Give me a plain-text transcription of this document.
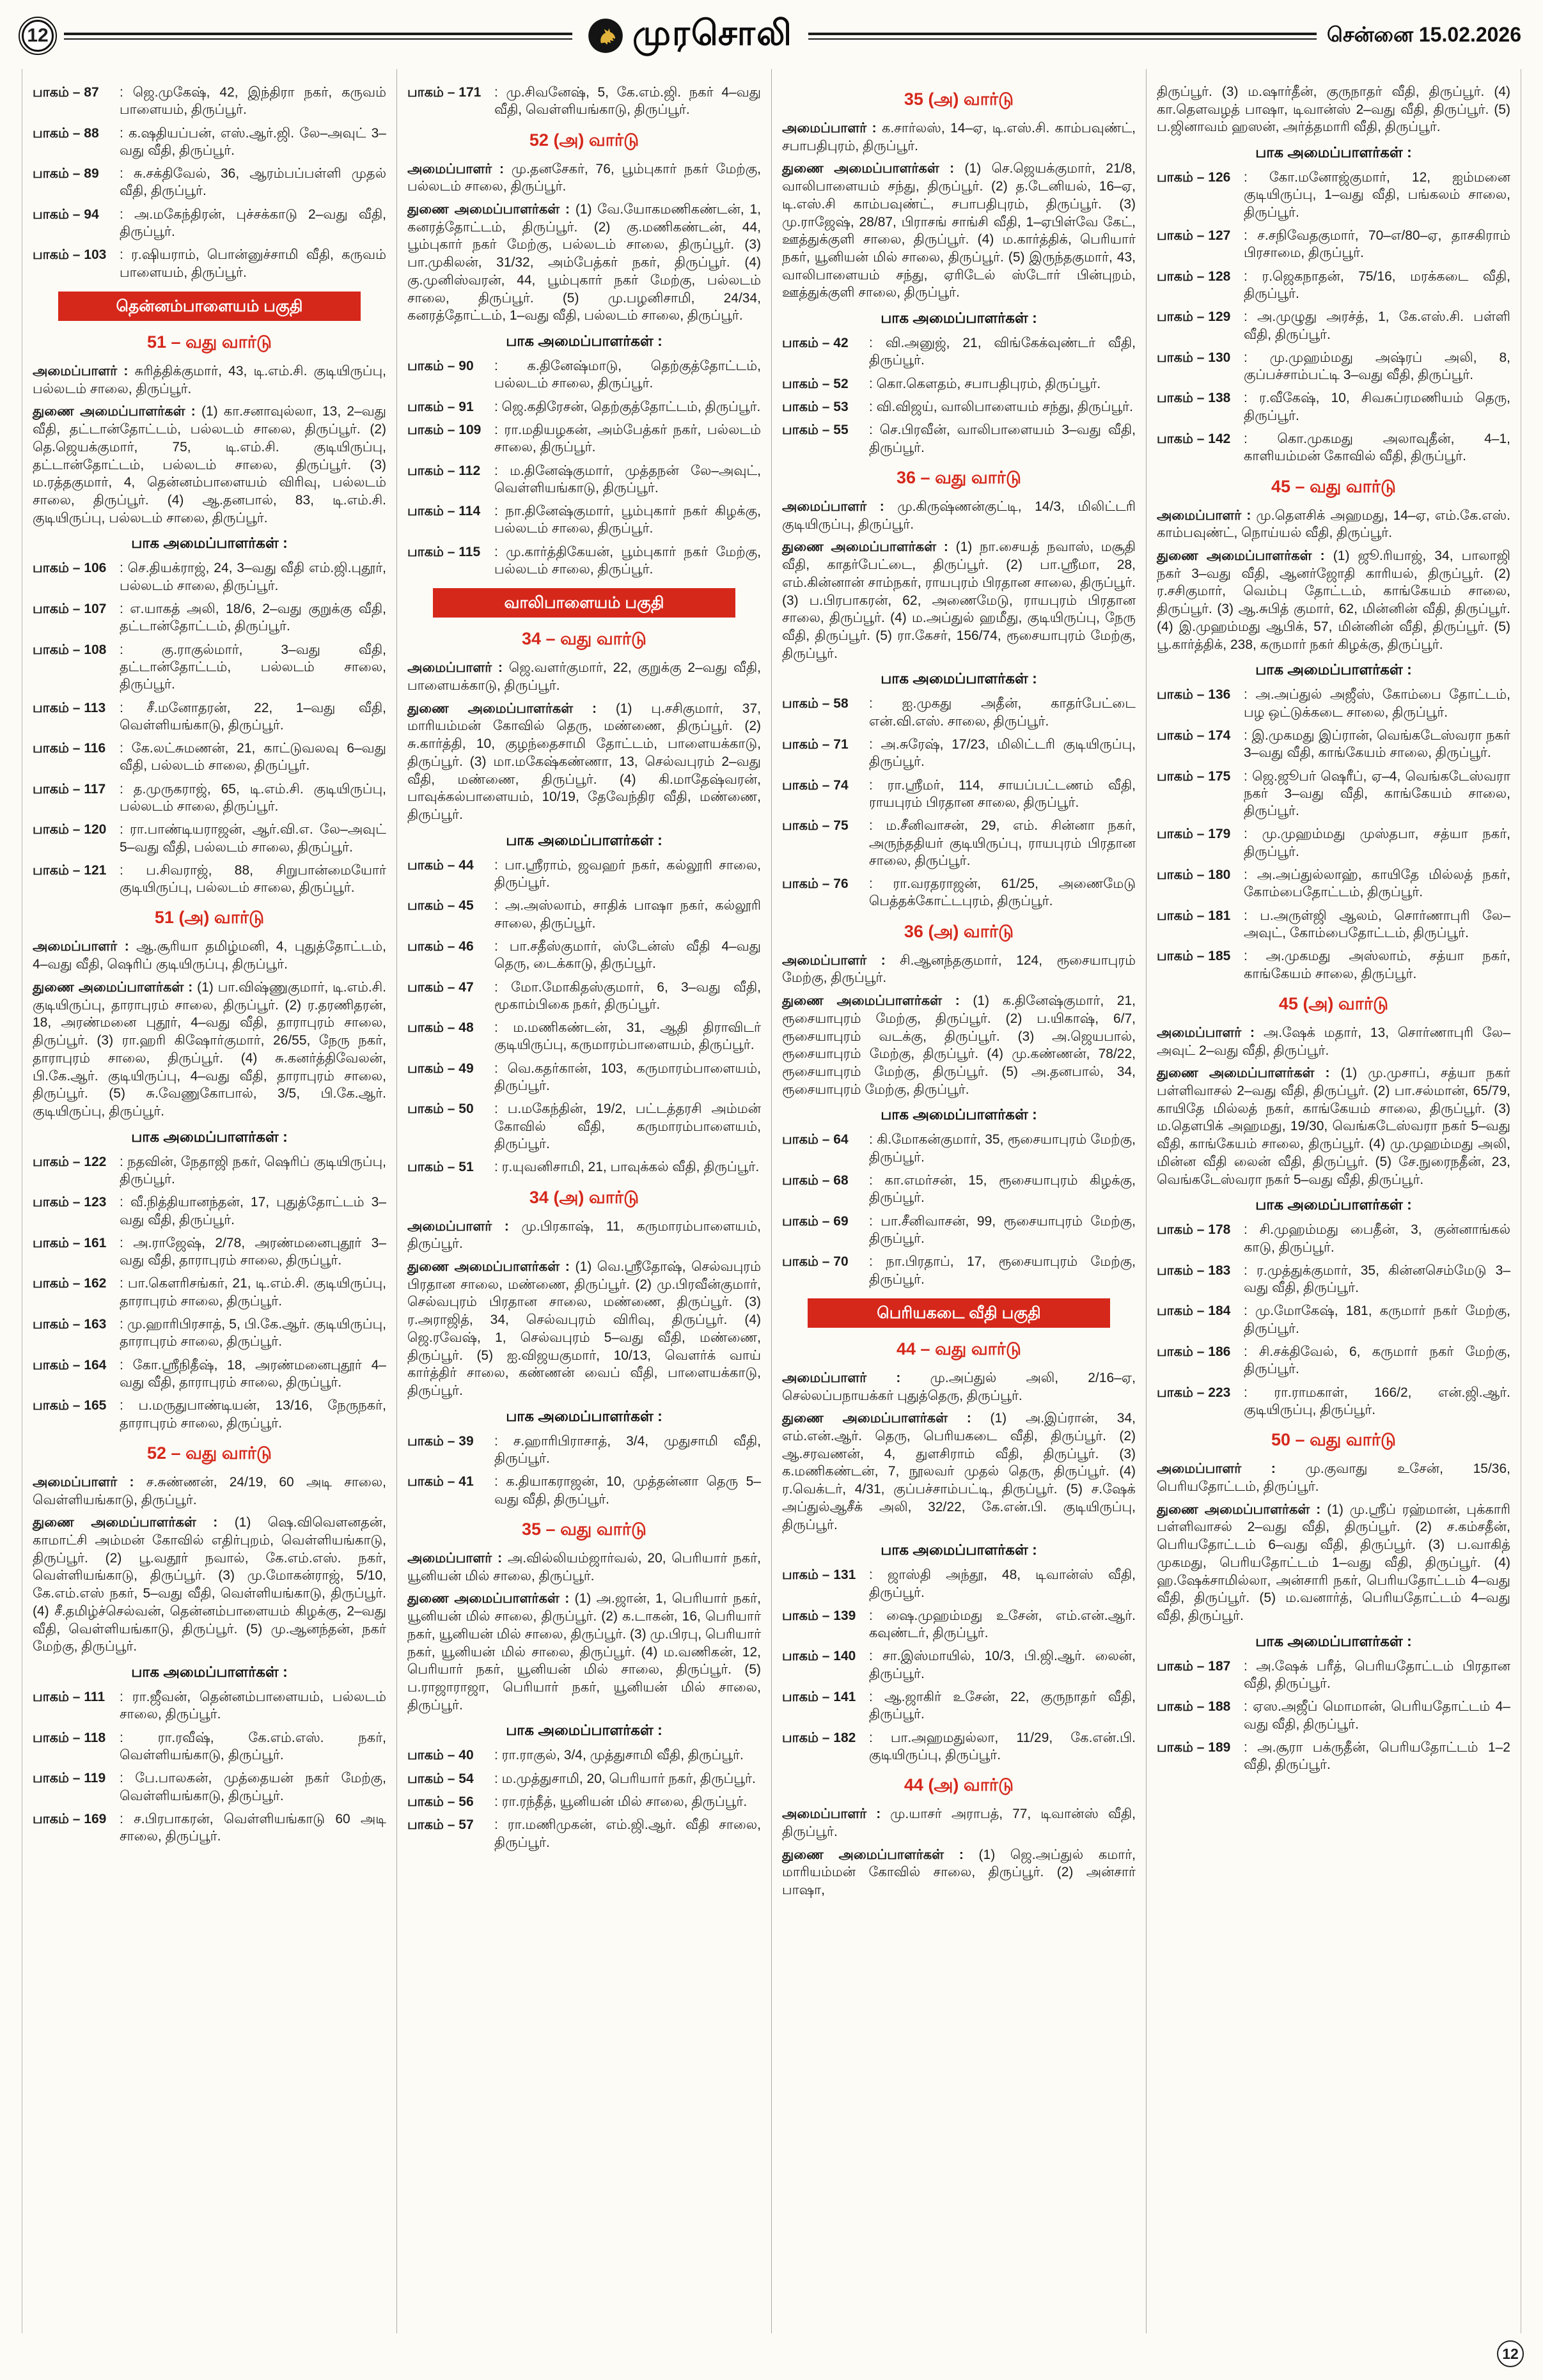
12	முரசொலி	சென்னை 15.02.2026
பாகம் – 87	: ஜெ.முகேஷ், 42, இந்திரா நகர், கருவம் பாளையம், திருப்பூர்.
பாகம் – 88	: க.ஷதியப்பன், எஸ்.ஆர்.ஜி. லே–அவுட் 3–வது வீதி, திருப்பூர்.
பாகம் – 89	: சு.சக்திவேல், 36, ஆரம்பப்பள்ளி முதல் வீதி, திருப்பூர்.
பாகம் – 94	: அ.மகேந்திரன், புச்சக்காடு 2–வது வீதி, திருப்பூர்.
பாகம் – 103 : ர.ஷியராம், பொன்னுச்சாமி வீதி, கருவம் பாளையம், திருப்பூர்.
தென்னம்பாளையம் பகுதி
51 – வது வார்டு

அமைப்பாளர் : சுரித்திக்குமார், 43, டி.எம்.சி. குடியிருப்பு, பல்லடம் சாலை, திருப்பூர்.

துணை அமைப்பாளர்கள் : (1) கா.சனாவுல்லா, 13, 2–வது வீதி, தட்டான்தோட்டம், பல்லடம் சாலை, திருப்பூர். (2) தெ.ஜெயக்குமார், 75, டி.எம்.சி. குடியிருப்பு, தட்டான்தோட்டம், பல்லடம் சாலை, திருப்பூர். (3) ம.ரத்தகுமார், 4, தென்னம்பாளையம் விரிவு, பல்லடம் சாலை, திருப்பூர். (4) ஆ.தனபால், 83, டி.எம்.சி. குடியிருப்பு, பல்லடம் சாலை, திருப்பூர்.

பாக அமைப்பாளர்கள் :
பாகம் – 106 : செ.தியக்ராஜ், 24, 3–வது வீதி எம்.ஜி.புதூர், பல்லடம் சாலை, திருப்பூர்.
பாகம் – 107 : எ.யாகத் அலி, 18/6, 2–வது குறுக்கு வீதி, தட்டான்தோட்டம், திருப்பூர்.
பாகம் – 108 : கு.ராகுல்மார், 3–வது வீதி, தட்டான்தோட்டம், பல்லடம் சாலை, திருப்பூர்.
பாகம் – 113	: சீ.மனோதரன், 22, 1–வது வீதி, வெள்ளியங்காடு, திருப்பூர்.
பாகம் – 116	: கே.லட்சுமணன், 21, காட்டுவலவு 6–வது வீதி, பல்லடம் சாலை, திருப்பூர்.
பாகம் – 117	: த.முருகராஜ், 65, டி.எம்.சி. குடியிருப்பு, பல்லடம் சாலை, திருப்பூர்.
பாகம் – 120 : ரா.பாண்டியராஜன், ஆர்.வி.எ. லே–அவுட் 5–வது வீதி, பல்லடம் சாலை, திருப்பூர்.
பாகம் – 121 : ப.சிவராஜ், 88, சிறுபான்மையோர் குடியிருப்பு, பல்லடம் சாலை, திருப்பூர்.
51 (அ) வார்டு

அமைப்பாளர் : ஆ.சூரியா தமிழ்மனி, 4, புதுத்தோட்டம், 4–வது வீதி, ஷெரிப் குடியிருப்பு, திருப்பூர்.

துணை அமைப்பாளர்கள் : (1) பா.விஷ்ணுகுமார், டி.எம்.சி. குடியிருப்பு, தாராபுரம் சாலை, திருப்பூர். (2) ர.தரணிதரன், 18, அரண்மனை புதூர், 4–வது வீதி, தாராபுரம் சாலை, திருப்பூர். (3) ரா.ஹரி கிஷோர்குமார், 26/55, நேரு நகர், தாராபுரம் சாலை, திருப்பூர். (4) சு.கனர்த்திவேலன், பி.கே.ஆர். குடியிருப்பு, 4–வது வீதி, தாராபுரம் சாலை, திருப்பூர். (5) சு.வேணுகோபால், 3/5, பி.கே.ஆர். குடியிருப்பு, திருப்பூர்.

பாக அமைப்பாளர்கள் :
பாகம் – 122 : நதவின், நேதாஜி நகர், ஷெரிப் குடியிருப்பு, திருப்பூர்.
பாகம் – 123 : வீ.நித்தியானந்தன், 17, புதுத்தோட்டம் 3–வது வீதி, திருப்பூர்.
பாகம் – 161 : அ.ராஜேஷ், 2/78, அரண்மனைபுதூர் 3–வது வீதி, தாராபுரம் சாலை, திருப்பூர்.
பாகம் – 162 : பா.கௌரிசங்கர், 21, டி.எம்.சி. குடியிருப்பு, தாராபுரம் சாலை, திருப்பூர்.
பாகம் – 163 : மு.ஹாரிபிரசாத், 5, பி.கே.ஆர். குடியிருப்பு, தாராபுரம் சாலை, திருப்பூர்.
பாகம் – 164 : கோ.ஸ்ரீநிதீஷ், 18, அரண்மனைபுதூர் 4–வது வீதி, தாராபுரம் சாலை, திருப்பூர்.
பாகம் – 165 : ப.மருதுபாண்டியன், 13/16, நேருநகர், தாராபுரம் சாலை, திருப்பூர்.
52 – வது வார்டு

அமைப்பாளர் : ச.சுண்ணன், 24/19, 60 அடி சாலை, வெள்ளியங்காடு, திருப்பூர்.

துணை அமைப்பாளர்கள் : (1) ஷெ.விவௌனதன், காமாட்சி அம்மன் கோவில் எதிர்புறம், வெள்ளியங்காடு, திருப்பூர். (2) பூ.வதூர் நவால், கே.எம்.எஸ். நகர், வெள்ளியங்காடு, திருப்பூர். (3) மு.மோகன்ராஜ், 5/10, கே.எம்.எஸ் நகர், 5–வது வீதி, வெள்ளியங்காடு, திருப்பூர். (4) சீ.தமிழ்ச்செல்வன், தென்னம்பாளையம் கிழக்கு, 2–வது வீதி, வெள்ளியங்காடு, திருப்பூர். (5) மு.ஆனந்தன், நகர் மேற்கு, திருப்பூர்.

பாக அமைப்பாளர்கள் :
பாகம் – 111	: ரா.ஜீவன், தென்னம்பாளையம், பல்லடம் சாலை, திருப்பூர்.
பாகம் – 118	: ரா.ரவீஷ், கே.எம்.எஸ். நகர், வெள்ளியங்காடு, திருப்பூர்.
பாகம் – 119	: பே.பாலகன், முத்தையன் நகர் மேற்கு, வெள்ளியங்காடு, திருப்பூர்.
பாகம் – 169 : ச.பிரபாகரன், வெள்ளியங்காடு 60 அடி சாலை, திருப்பூர்.
பாகம் – 171 : மு.சிவனேஷ், 5, கே.எம்.ஜி. நகர் 4–வது வீதி, வெள்ளியங்காடு, திருப்பூர்.
52 (அ) வார்டு

அமைப்பாளர் : மு.தனசேகர், 76, பூம்புகார் நகர் மேற்கு, பல்லடம் சாலை, திருப்பூர்.

துணை அமைப்பாளர்கள் : (1) வே.யோகமணிகண்டன், 1, கனரத்தோட்டம், திருப்பூர். (2) கு.மணிகண்டன், 44, பூம்புகார் நகர் மேற்கு, பல்லடம் சாலை, திருப்பூர். (3) பா.முகிலன், 31/32, அம்பேத்கர் நகர், திருப்பூர். (4) கு.முனிஸ்வரன், 44, பூம்புகார் நகர் மேற்கு, பல்லடம் சாலை, திருப்பூர். (5) மு.பழனிசாமி, 24/34, கனரத்தோட்டம், 1–வது வீதி, பல்லடம் சாலை, திருப்பூர்.

பாக அமைப்பாளர்கள் :
பாகம் – 90	: க.தினேஷ்மாடு, தெற்குத்தோட்டம், பல்லடம் சாலை, திருப்பூர்.
பாகம் – 91	: ஜெ.கதிரேசன், தெற்குத்தோட்டம், திருப்பூர்.
பாகம் – 109 : ரா.மதியழகன், அம்பேத்கர் நகர், பல்லடம் சாலை, திருப்பூர்.
பாகம் – 112	: ம.தினேஷ்குமார், முத்தநன் லே–அவுட், வெள்ளியங்காடு, திருப்பூர்.
பாகம் – 114	: நா.தினேஷ்குமார், பூம்புகார் நகர் கிழக்கு, பல்லடம் சாலை, திருப்பூர்.
பாகம் – 115	: மு.கார்த்திகேயன், பூம்புகார் நகர் மேற்கு, பல்லடம் சாலை, திருப்பூர்.
வாலிபாளையம் பகுதி
34 – வது வார்டு

அமைப்பாளர் : ஜெ.வளர்குமார், 22, குறுக்கு 2–வது வீதி, பாளையக்காடு, திருப்பூர்.

துணை அமைப்பாளர்கள் : (1) பு.சசிகுமார், 37, மாரியம்மன் கோவில் தெரு, மண்ணை, திருப்பூர். (2) சு.கார்த்தி, 10, குழந்தைசாமி தோட்டம், பாளையக்காடு, திருப்பூர். (3) மா.மகேஷ்கண்ணா, 13, செல்வபுரம் 2–வது வீதி, மண்ணை, திருப்பூர். (4) கி.மாதேஷ்வரன், பாவுக்கல்பாளையம், 10/19, தேவேந்திர வீதி, மண்ணை, திருப்பூர்.

பாக அமைப்பாளர்கள் :
பாகம் – 44	: பா.ஸ்ரீராம், ஜவஹர் நகர், கல்லூரி சாலை, திருப்பூர்.
பாகம் – 45	: அ.அஸ்லாம், சாதிக் பாஷா நகர், கல்லூரி சாலை, திருப்பூர்.
பாகம் – 46	: பா.சதீஸ்குமார், ஸ்டேன்ஸ் வீதி 4–வது தெரு, டைக்காடு, திருப்பூர்.
பாகம் – 47	: மோ.மோகிதஸ்குமார், 6, 3–வது வீதி, மூகாம்பிகை நகர், திருப்பூர்.
பாகம் – 48	: ம.மணிகண்டன், 31, ஆதி திராவிடர் குடியிருப்பு, கருமாரம்பாளையம், திருப்பூர்.
பாகம் – 49	: வெ.கதர்கான், 103, கருமாரம்பாளையம், திருப்பூர்.
பாகம் – 50	: ப.மகேந்தின், 19/2, பட்டத்தரசி அம்மன் கோவில் வீதி, கருமாரம்பாளையம், திருப்பூர்.
பாகம் – 51	: ர.யுவனிசாமி, 21, பாவுக்கல் வீதி, திருப்பூர்.
34 (அ) வார்டு

அமைப்பாளர் : மு.பிரகாஷ், 11, கருமாரம்பாளையம், திருப்பூர்.

துணை அமைப்பாளர்கள் : (1) வெ.ஸ்ரீதோஷ், செல்வபுரம் பிரதான சாலை, மண்ணை, திருப்பூர். (2) மு.பிரவீன்குமார், செல்வபுரம் பிரதான சாலை, மண்ணை, திருப்பூர். (3) ர.அராஜித், 34, செல்வபுரம் விரிவு, திருப்பூர். (4) ஜெ.ரவேஷ், 1, செல்வபுரம் 5–வது வீதி, மண்ணை, திருப்பூர். (5) ஐ.விஜயகுமார், 10/13, வௌர்க் வாய் கார்த்திர் சாலை, கண்ணன் வைப் வீதி, பாளையக்காடு, திருப்பூர்.

பாக அமைப்பாளர்கள் :
பாகம் – 39	: ச.ஹாரிபிராசாத், 3/4, முதுசாமி வீதி, திருப்பூர்.
பாகம் – 41	: க.தியாகராஜன், 10, முத்தன்னா தெரு 5–வது வீதி, திருப்பூர்.
35 – வது வார்டு

அமைப்பாளர் : அ.வில்லியம்ஜார்வல், 20, பெரியார் நகர், யூனியன் மில் சாலை, திருப்பூர்.

துணை அமைப்பாளர்கள் : (1) அ.ஜான், 1, பெரியார் நகர், யூனியன் மில் சாலை, திருப்பூர். (2) க.டாகன், 16, பெரியார் நகர், யூனியன் மில் சாலை, திருப்பூர். (3) மு.பிரபு, பெரியார் நகர், யூனியன் மில் சாலை, திருப்பூர். (4) ம.வணிகன், 12, பெரியார் நகர், யூனியன் மில் சாலை, திருப்பூர். (5) ப.ராஜாராஜா, பெரியார் நகர், யூனியன் மில் சாலை, திருப்பூர்.

பாக அமைப்பாளர்கள் :
பாகம் – 40	: ரா.ராகுல், 3/4, முத்துசாமி வீதி, திருப்பூர்.
பாகம் – 54	: ம.முத்துசாமி, 20, பெரியார் நகர், திருப்பூர்.
பாகம் – 56	: ரா.ரந்தீத், யூனியன் மில் சாலை, திருப்பூர்.
பாகம் – 57	: ரா.மணிமுகன், எம்.ஜி.ஆர். வீதி சாலை, திருப்பூர்.
35 (அ) வார்டு

அமைப்பாளர் : க.சார்லஸ், 14–ஏ, டி.எஸ்.சி. காம்பவுண்ட், சபாபதிபுரம், திருப்பூர்.

துணை அமைப்பாளர்கள் : (1) செ.ஜெயக்குமார், 21/8, வாலிபாளையம் சந்து, திருப்பூர். (2) த.டேனியல், 16–ஏ, டி.எஸ்.சி காம்பவுண்ட், சபாபதிபுரம், திருப்பூர். (3) மு.ராஜேஷ், 28/87, பிராசங் சாங்சி வீதி, 1–ஏபிள்வே கேட், ஊத்துக்குளி சாலை, திருப்பூர். (4) ம.கார்த்திக், பெரியார் நகர், யூனியன் மில் சாலை, திருப்பூர். (5) இருந்தகுமார், 43, வாலிபாளையம் சந்து, ஏரிடேல் ஸ்டோர் பின்புறம், ஊத்துக்குளி சாலை, திருப்பூர்.

பாக அமைப்பாளர்கள் :
பாகம் – 42	: வி.அனுஜ், 21, விங்கேக்வுண்டர் வீதி, திருப்பூர்.
பாகம் – 52	: கொ.கௌதம், சபாபதிபுரம், திருப்பூர்.
பாகம் – 53	: வி.விஜய், வாலிபாளையம் சந்து, திருப்பூர்.
பாகம் – 55	: செ.பிரவீன், வாலிபாளையம் 3–வது வீதி, திருப்பூர்.
36 – வது வார்டு

அமைப்பாளர் : மு.கிருஷ்ணன்குட்டி, 14/3, மிலிட்டரி குடியிருப்பு, திருப்பூர்.

துணை அமைப்பாளர்கள் : (1) நா.சையத் நவாஸ், மசூதி வீதி, காதர்பேட்டை, திருப்பூர். (2) பா.ஸ்ரீமா, 28, எம்.கின்னான் சாம்நகர், ராயபுரம் பிரதான சாலை, திருப்பூர். (3) ப.பிரபாகரன், 62, அணைமேடு, ராயபுரம் பிரதான சாலை, திருப்பூர். (4) ம.அப்துல் ஹமீது, குடியிருப்பு, நேரு வீதி, திருப்பூர். (5) ரா.கேசர், 156/74, ரூசையாபுரம் மேற்கு, திருப்பூர்.

பாக அமைப்பாளர்கள் :
பாகம் – 58	: ஐ.முகது அதீன், காதர்பேட்டை என்.வி.எஸ். சாலை, திருப்பூர்.
பாகம் – 71	: அ.சுரேஷ், 17/23, மிலிட்டரி குடியிருப்பு, திருப்பூர்.
பாகம் – 74	: ரா.ஸ்ரீமர், 114, சாயப்பட்டணம் வீதி, ராயபுரம் பிரதான சாலை, திருப்பூர்.
பாகம் – 75	: ம.சீனிவாசன், 29, எம். சின்னா நகர், அருந்ததியர் குடியிருப்பு, ராயபுரம் பிரதான சாலை, திருப்பூர்.
பாகம் – 76	: ரா.வரதராஜன், 61/25, அணைமேடு பெத்தக்கோட்டபுரம், திருப்பூர்.
36 (அ) வார்டு

அமைப்பாளர் : சி.ஆனந்தகுமார், 124, ரூசையாபுரம் மேற்கு, திருப்பூர்.

துணை அமைப்பாளர்கள் : (1) க.தினேஷ்குமார், 21, ரூசையாபுரம் மேற்கு, திருப்பூர். (2) ப.யிகாஷ், 6/7, ரூசையாபுரம் வடக்கு, திருப்பூர். (3) அ.ஜெயபால், ரூசையாபுரம் மேற்கு, திருப்பூர். (4) மு.கண்ணன், 78/22, ரூசையாபுரம் மேற்கு, திருப்பூர். (5) அ.தனபால், 34, ரூசையாபுரம் மேற்கு, திருப்பூர்.

பாக அமைப்பாளர்கள் :
பாகம் – 64	: கி.மோகன்குமார், 35, ரூசையாபுரம் மேற்கு, திருப்பூர்.
பாகம் – 68	: கா.எமர்சன், 15, ரூசையாபுரம் கிழக்கு, திருப்பூர்.
பாகம் – 69	: பா.சீனிவாசன், 99, ரூசையாபுரம் மேற்கு, திருப்பூர்.
பாகம் – 70	: நா.பிரதாப், 17, ரூசையாபுரம் மேற்கு, திருப்பூர்.
பெரியகடை வீதி பகுதி
44 – வது வார்டு

அமைப்பாளர் : மு.அப்துல் அலி, 2/16–ஏ, செல்லப்பநாயக்கர் புதுத்தெரு, திருப்பூர்.

துணை அமைப்பாளர்கள் : (1) அ.இப்ரான், 34, எம்.என்.ஆர். தெரு, பெரியகடை வீதி, திருப்பூர். (2) ஆ.சரவணன், 4, துளசிராம் வீதி, திருப்பூர். (3) க.மணிகண்டன், 7, நூலவர் முதல் தெரு, திருப்பூர். (4) ர.வெக்டர், 4/31, குப்பச்சாம்பட்டி, திருப்பூர். (5) ச.ஷேக் அப்துல்ஆசீக் அலி, 32/22, கே.என்.பி. குடியிருப்பு, திருப்பூர்.

பாக அமைப்பாளர்கள் :
பாகம் – 131 : ஜாஸ்தி அந்தூ, 48, டிவான்ஸ் வீதி, திருப்பூர்.
பாகம் – 139 : ஷை.முஹம்மது உசேன், எம்.என்.ஆர். கவுண்டர், திருப்பூர்.
பாகம் – 140 : சா.இஸ்மாயில், 10/3, பி.ஜி.ஆர். லைன், திருப்பூர்.
பாகம் – 141 : ஆ.ஜாகிர் உசேன், 22, குருநாதர் வீதி, திருப்பூர்.
பாகம் – 182 : பா.அஹமதுல்லா, 11/29, கே.என்.பி. குடியிருப்பு, திருப்பூர்.
44 (அ) வார்டு

அமைப்பாளர் : மு.யாசர் அராபத், 77, டிவான்ஸ் வீதி, திருப்பூர்.

துணை அமைப்பாளர்கள் : (1) ஜெ.அப்துல் கமார், மாரியம்மன் கோவில் சாலை, திருப்பூர். (2) அன்சார் பாஷா,

திருப்பூர். (3) ம.ஷார்தீன், குருநாதர் வீதி, திருப்பூர். (4) கா.தௌவழத் பாஷா, டிவான்ஸ் 2–வது வீதி, திருப்பூர். (5) ப.ஜினாவம் ஹஸன், அர்த்தமாரி வீதி, திருப்பூர்.

பாக அமைப்பாளர்கள் :
பாகம் – 126 : கோ.மனோஜ்குமார், 12, ஐம்மனை குடியிருப்பு, 1–வது வீதி, பங்கலம் சாலை, திருப்பூர்.
பாகம் – 127 : ச.சநிவேதகுமார், 70–எ/80–ஏ, தாசகிராம் பிரசாமை, திருப்பூர்.
பாகம் – 128 : ர.ஜெகநாதன், 75/16, மரக்கடை வீதி, திருப்பூர்.
பாகம் – 129 : அ.முழுது அரச்த், 1, கே.எஸ்.சி. பள்ளி வீதி, திருப்பூர்.
பாகம் – 130 : மு.முஹம்மது அஷ்ரப் அலி, 8, குப்பச்சாம்பட்டி 3–வது வீதி, திருப்பூர்.
பாகம் – 138 : ர.வீகேஷ், 10, சிவசுப்ரமணியம் தெரு, திருப்பூர்.
பாகம் – 142 : கொ.முகமது அலாவுதீன், 4–1, காளியம்மன் கோவில் வீதி, திருப்பூர்.
45 – வது வார்டு

அமைப்பாளர் : மு.தௌசிக் அஹமது, 14–ஏ, எம்.கே.எஸ். காம்பவுண்ட், நொய்யல் வீதி, திருப்பூர்.

துணை அமைப்பாளர்கள் : (1) ஜூ.ரியாஜ், 34, பாலாஜி நகர் 3–வது வீதி, ஆனர்ஜோதி காரியல், திருப்பூர். (2) ர.சசிகுமார், வெம்பு தோட்டம், காங்கேயம் சாலை, திருப்பூர். (3) ஆ.சுபித் குமார், 62, மின்னின் வீதி, திருப்பூர். (4) இ.முஹம்மது ஆபிக், 57, மின்னின் வீதி, திருப்பூர். (5) பூ.கார்த்திக், 238, கருமார் நகர் கிழக்கு, திருப்பூர்.

பாக அமைப்பாளர்கள் :
பாகம் – 136 : அ.அப்துல் அஜீஸ், கோம்பை தோட்டம், பழ ஒட்டுக்கடை சாலை, திருப்பூர்.
பாகம் – 174 : இ.முகமது இப்ரான், வெங்கடேஸ்வரா நகர் 3–வது வீதி, காங்கேயம் சாலை, திருப்பூர்.
பாகம் – 175 : ஜெ.ஜூபர் ஷெரீப், ஏ–4, வெங்கடேஸ்வரா நகர் 3–வது வீதி, காங்கேயம் சாலை, திருப்பூர்.
பாகம் – 179 : மு.முஹம்மது முஸ்தபா, சத்யா நகர், திருப்பூர்.
பாகம் – 180 : அ.அப்துல்லாஹ், காயிதே மில்லத் நகர், கோம்பைதோட்டம், திருப்பூர்.
பாகம் – 181 : ப.அருள்ஜி ஆலம், சொர்ணாபுரி லே–அவுட், கோம்பைதோட்டம், திருப்பூர்.
பாகம் – 185 : அ.முகமது அஸ்லாம், சத்யா நகர், காங்கேயம் சாலை, திருப்பூர்.
45 (அ) வார்டு

அமைப்பாளர் : அ.ஷேக் மதார், 13, சொர்ணாபுரி லே–அவுட் 2–வது வீதி, திருப்பூர்.

துணை அமைப்பாளர்கள் : (1) மு.முசாப், சத்யா நகர் பள்ளிவாசல் 2–வது வீதி, திருப்பூர். (2) பா.சல்மான், 65/79, காயிதே மில்லத் நகர், காங்கேயம் சாலை, திருப்பூர். (3) ம.தௌபிக் அஹமது, 19/30, வெங்கடேஸ்வரா நகர் 5–வது வீதி, காங்கேயம் சாலை, திருப்பூர். (4) மு.முஹம்மது அலி, மின்ன வீதி லைன் வீதி, திருப்பூர். (5) சே.நுரைநதீன், 23, வெங்கடேஸ்வரா நகர் 5–வது வீதி, திருப்பூர்.

பாக அமைப்பாளர்கள் :
பாகம் – 178 : சி.முஹம்மது பைதீன், 3, குன்னாங்கல் காடு, திருப்பூர்.
பாகம் – 183 : ர.முத்துக்குமார், 35, கின்னசெம்மேடு 3–வது வீதி, திருப்பூர்.
பாகம் – 184 : மு.மோகேஷ், 181, கருமார் நகர் மேற்கு, திருப்பூர்.
பாகம் – 186 : சி.சக்திவேல், 6, கருமார் நகர் மேற்கு, திருப்பூர்.
பாகம் – 223 : ரா.ராமகாள், 166/2, என்.ஜி.ஆர். குடியிருப்பு, திருப்பூர்.
50 – வது வார்டு

அமைப்பாளர் : மு.குவாது உசேன், 15/36, பெரியதோட்டம், திருப்பூர்.

துணை அமைப்பாளர்கள் : (1) மு.ஸ்ரீப் ரஹ்மான், புக்காரி பள்ளிவாசல் 2–வது வீதி, திருப்பூர். (2) ச.கம்சதீன், பெரியதோட்டம் 6–வது வீதி, திருப்பூர். (3) ப.வாகித் முகமது, பெரியதோட்டம் 1–வது வீதி, திருப்பூர். (4) ஹ.ஷேக்சாமில்லா, அன்சாரி நகர், பெரியதோட்டம் 4–வது வீதி, திருப்பூர். (5) ம.வனார்த், பெரியதோட்டம் 4–வது வீதி, திருப்பூர்.

பாக அமைப்பாளர்கள் :
பாகம் – 187 : அ.ஷேக் பரீத், பெரியதோட்டம் பிரதான வீதி, திருப்பூர்.
பாகம் – 188 : ஏஸ.அஜீப் மொமான், பெரியதோட்டம் 4–வது வீதி, திருப்பூர்.
பாகம் – 189 : அ.சூரா பக்ருதீன், பெரியதோட்டம் 1–2 வீதி, திருப்பூர்.
12
